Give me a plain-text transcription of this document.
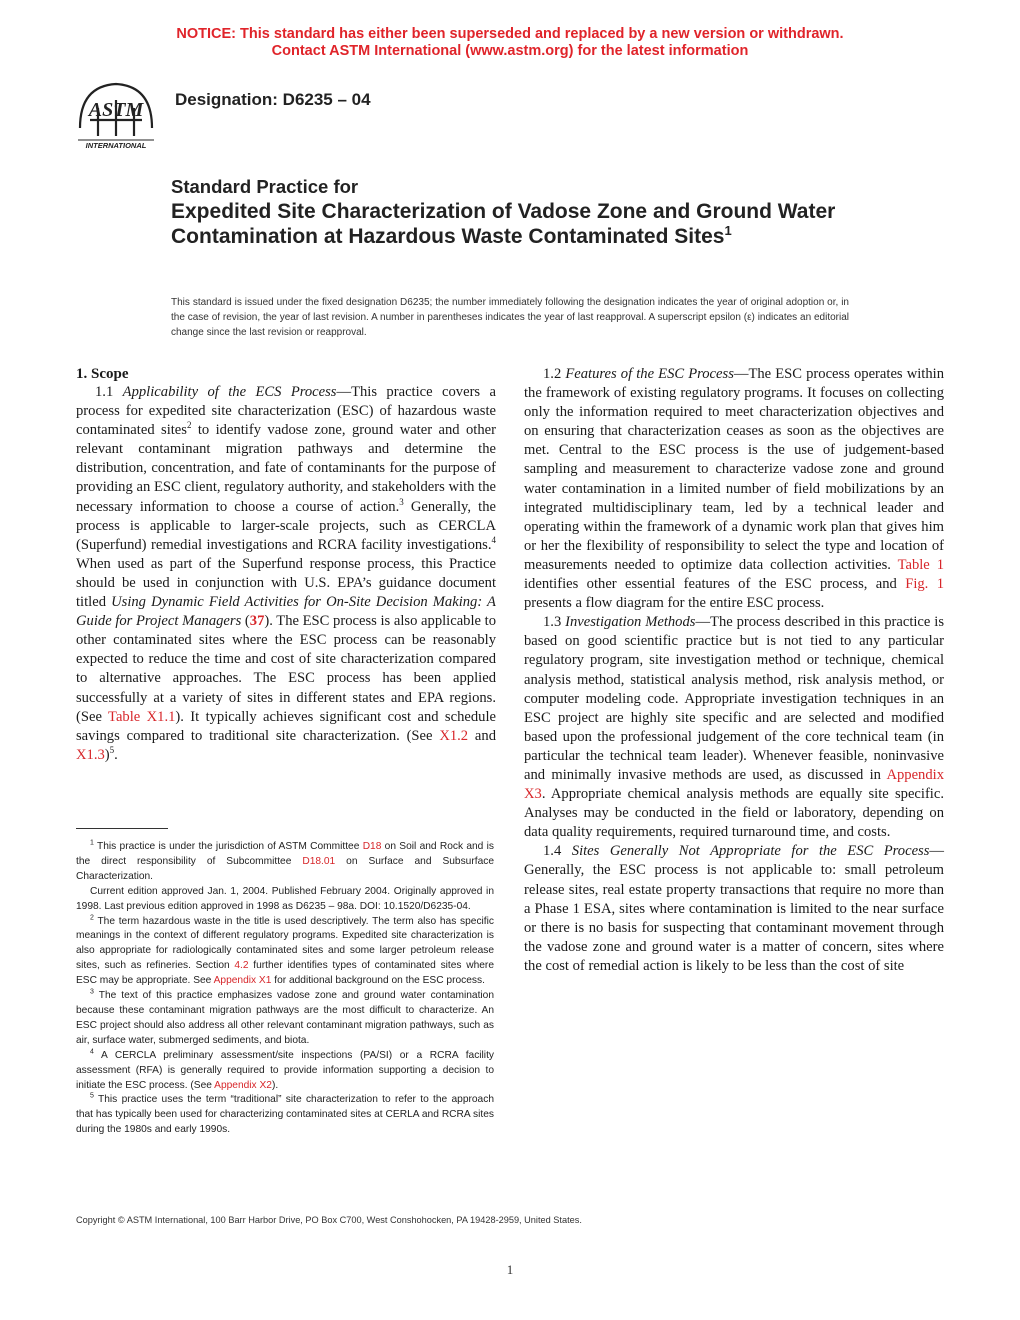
NOTICE: This standard has either been superseded and replaced by a new version or withdrawn.
Contact ASTM International (www.astm.org) for the latest information
ASTM
INTERNATIONAL
Designation: D6235 – 04
Standard Practice for
Expedited Site Characterization of Vadose Zone and Ground Water Contamination at Hazardous Waste Contaminated Sites$^1$
This standard is issued under the fixed designation D6235; the number immediately following the designation indicates the year of original adoption or, in the case of revision, the year of last revision. A number in parentheses indicates the year of last reapproval. A superscript epsilon (ε) indicates an editorial change since the last revision or reapproval.

1. Scope

1.1 Applicability of the ECS Process—This practice covers a process for expedited site characterization (ESC) of hazardous waste contaminated sites$^2$ to identify vadose zone, ground water and other relevant contaminant migration pathways and determine the distribution, concentration, and fate of contaminants for the purpose of providing an ESC client, regulatory authority, and stakeholders with the necessary information to choose a course of action.$^3$ Generally, the process is applicable to larger-scale projects, such as CERCLA (Superfund) remedial investigations and RCRA facility investigations.$^4$ When used as part of the Superfund response process, this Practice should be used in conjunction with U.S. EPA’s guidance document titled Using Dynamic Field Activities for On-Site Decision Making: A Guide for Project Managers (37). The ESC process is also applicable to other contaminated sites where the ESC process can be reasonably expected to reduce the time and cost of site characterization compared to alternative approaches. The ESC process has been applied successfully at a variety of sites in different states and EPA regions. (See Table X1.1). It typically achieves significant cost and schedule savings compared to traditional site characterization. (See X1.2 and X1.3)$^5$.

1.2 Features of the ESC Process—The ESC process operates within the framework of existing regulatory programs. It focuses on collecting only the information required to meet characterization objectives and on ensuring that characterization ceases as soon as the objectives are met. Central to the ESC process is the use of judgement-based sampling and measurement to characterize vadose zone and ground water contamination in a limited number of field mobilizations by an integrated multidisciplinary team, led by a technical leader and operating within the framework of a dynamic work plan that gives him or her the flexibility of responsibility to select the type and location of measurements needed to optimize data collection activities. Table 1 identifies other essential features of the ESC process, and Fig. 1 presents a flow diagram for the entire ESC process.

1.3 Investigation Methods—The process described in this practice is based on good scientific practice but is not tied to any particular regulatory program, site investigation method or technique, chemical analysis method, statistical analysis method, risk analysis method, or computer modeling code. Appropriate investigation techniques in an ESC project are highly site specific and are selected and modified based upon the professional judgement of the core technical team (in particular the technical team leader). Whenever feasible, noninvasive and minimally invasive methods are used, as discussed in Appendix X3. Appropriate chemical analysis methods are equally site specific. Analyses may be conducted in the field or laboratory, depending on data quality requirements, required turnaround time, and costs.

1.4 Sites Generally Not Appropriate for the ESC Process—Generally, the ESC process is not applicable to: small petroleum release sites, real estate property transactions that require no more than a Phase 1 ESA, sites where contamination is limited to the near surface or there is no basis for suspecting that contaminant movement through the vadose zone and ground water is a matter of concern, sites where the cost of remedial action is likely to be less than the cost of site

$^1$ This practice is under the jurisdiction of ASTM Committee D18 on Soil and Rock and is the direct responsibility of Subcommittee D18.01 on Surface and Subsurface Characterization.

Current edition approved Jan. 1, 2004. Published February 2004. Originally approved in 1998. Last previous edition approved in 1998 as D6235 – 98a. DOI: 10.1520/D6235-04.

$^2$ The term hazardous waste in the title is used descriptively. The term also has specific meanings in the context of different regulatory programs. Expedited site characterization is also appropriate for radiologically contaminated sites and some larger petroleum release sites, such as refineries. Section 4.2 further identifies types of contaminated sites where ESC may be appropriate. See Appendix X1 for additional background on the ESC process.

$^3$ The text of this practice emphasizes vadose zone and ground water contamination because these contaminant migration pathways are the most difficult to characterize. An ESC project should also address all other relevant contaminant migration pathways, such as air, surface water, submerged sediments, and biota.

$^4$ A CERCLA preliminary assessment/site inspections (PA/SI) or a RCRA facility assessment (RFA) is generally required to provide information supporting a decision to initiate the ESC process. (See Appendix X2).

$^5$ This practice uses the term “traditional” site characterization to refer to the approach that has typically been used for characterizing contaminated sites at CERLA and RCRA sites during the 1980s and early 1990s.

Copyright © ASTM International, 100 Barr Harbor Drive, PO Box C700, West Conshohocken, PA 19428-2959, United States.
1
